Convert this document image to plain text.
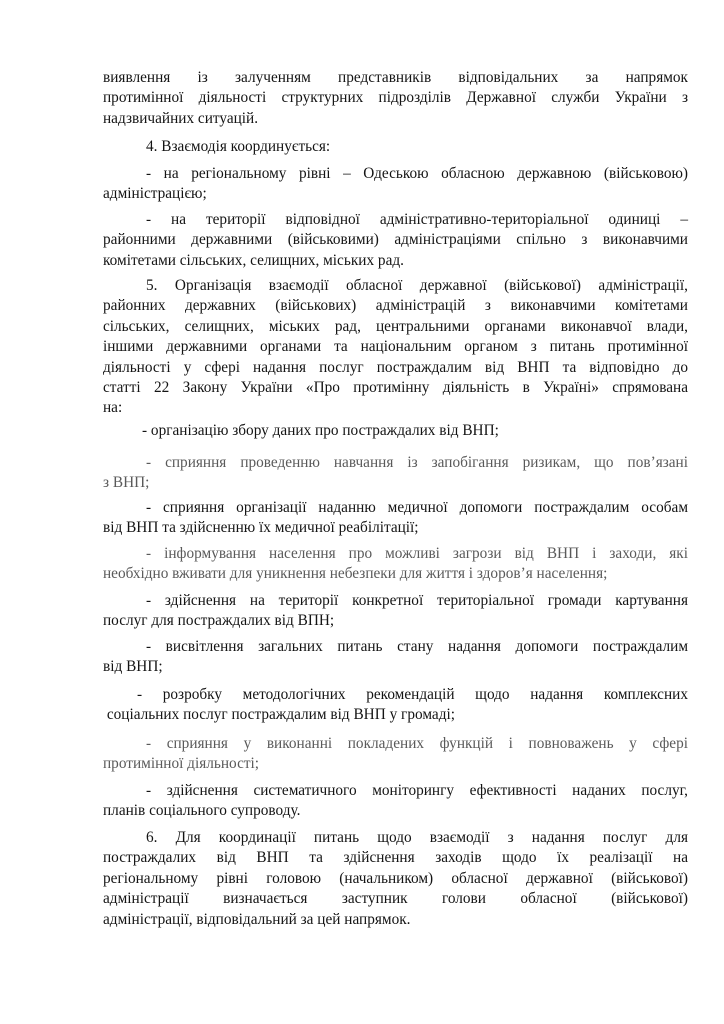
виявлення із залученням представників відповідальних за напрямок
протимінної діяльності структурних підрозділів Державної служби України з
надзвичайних ситуацій.
4. Взаємодія координується:
- на регіональному рівні – Одеською обласною державною (військовою)
адміністрацією;
- на території відповідної адміністративно-територіальної одиниці –
районними державними (військовими) адміністраціями спільно з виконавчими
комітетами сільських, селищних, міських рад.
5. Організація взаємодії обласної державної (військової) адміністрації,
районних державних (військових) адміністрацій з виконавчими комітетами
сільських, селищних, міських рад, центральними органами виконавчої влади,
іншими державними органами та національним органом з питань протимінної
діяльності у сфері надання послуг постраждалим від ВНП та відповідно до
статті 22 Закону України «Про протимінну діяльність в Україні» спрямована
на:
- організацію збору даних про постраждалих від ВНП;
- сприяння проведенню навчання із запобігання ризикам, що пов’язані
з ВНП;
- сприяння організації наданню медичної допомоги постраждалим особам
від ВНП та здійсненню їх медичної реабілітації;
- інформування населення про можливі загрози від ВНП і заходи, які
необхідно вживати для уникнення небезпеки для життя і здоров’я населення;
- здійснення на території конкретної територіальної громади картування
послуг для постраждалих від ВПН;
- висвітлення загальних питань стану надання допомоги постраждалим
від ВНП;
- розробку методологічних рекомендацій щодо надання комплексних
соціальних послуг постраждалим від ВНП у громаді;
- сприяння у виконанні покладених функцій і повноважень у сфері
протимінної діяльності;
- здійснення систематичного моніторингу ефективності наданих послуг,
планів соціального супроводу.
6. Для координації питань щодо взаємодії з надання послуг для
постраждалих від ВНП та здійснення заходів щодо їх реалізації на
регіональному рівні головою (начальником) обласної державної (військової)
адміністрації визначається заступник голови обласної (військової)
адміністрації, відповідальний за цей напрямок.
